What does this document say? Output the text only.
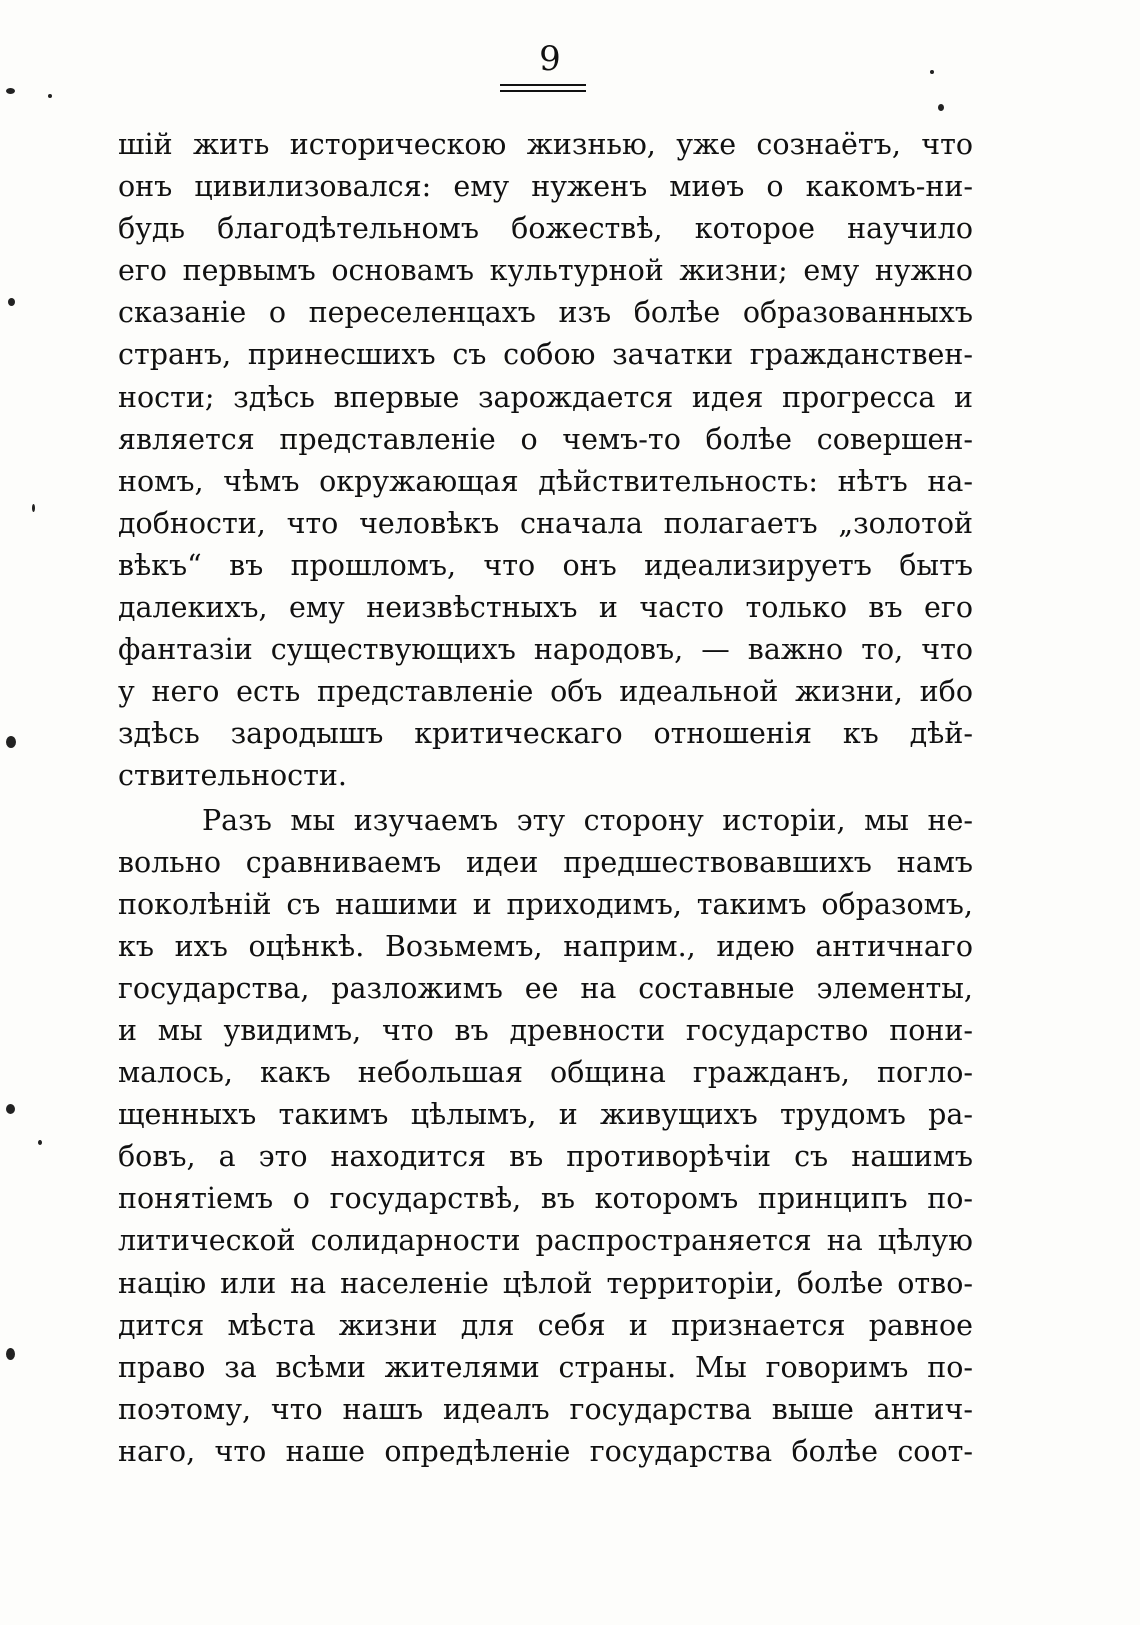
9
шій жить историческою жизнью, уже сознаётъ, что
онъ цивилизовался: ему нуженъ миѳъ о какомъ-ни-
будь благодѣтельномъ божествѣ, которое научило
его первымъ основамъ культурной жизни; ему нужно
сказаніе о переселенцахъ изъ болѣе образованныхъ
странъ, принесшихъ съ собою зачатки гражданствен-
ности; здѣсь впервые зарождается идея прогресса и
является представленіе о чемъ-то болѣе совершен-
номъ, чѣмъ окружающая дѣйствительность: нѣтъ на-
добности, что человѣкъ сначала полагаетъ „золотой
вѣкъ“ въ прошломъ, что онъ идеализируетъ бытъ
далекихъ, ему неизвѣстныхъ и часто только въ его
фантазіи существующихъ народовъ, — важно то, что
у него есть представленіе объ идеальной жизни, ибо
здѣсь зародышъ критическаго отношенія къ дѣй-
ствительности.
Разъ мы изучаемъ эту сторону исторіи, мы не-
вольно сравниваемъ идеи предшествовавшихъ намъ
поколѣній съ нашими и приходимъ, такимъ образомъ,
къ ихъ оцѣнкѣ. Возьмемъ, наприм., идею античнаго
государства, разложимъ ее на составные элементы,
и мы увидимъ, что въ древности государство пони-
малось, какъ небольшая община гражданъ, погло-
щенныхъ такимъ цѣлымъ, и живущихъ трудомъ ра-
бовъ, а это находится въ противорѣчіи съ нашимъ
понятіемъ о государствѣ, въ которомъ принципъ по-
литической солидарности распространяется на цѣлую
націю или на населеніе цѣлой территоріи, болѣе отво-
дится мѣста жизни для себя и признается равное
право за всѣми жителями страны. Мы говоримъ по-
поэтому, что нашъ идеалъ государства выше антич-
наго, что наше опредѣленіе государства болѣе соот-
